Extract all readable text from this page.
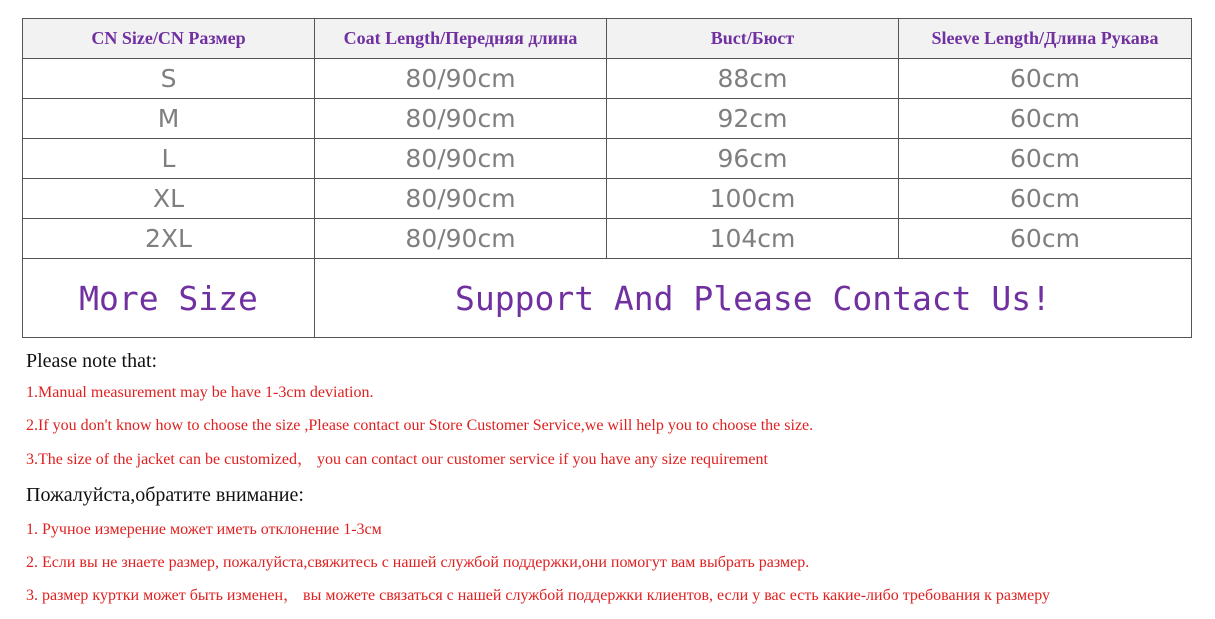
CN Size/CN Размер	Coat Length/Передняя длина	Buct/Бюст	Sleeve Length/Длина Рукава
S	80/90cm	88cm	60cm
M	80/90cm	92cm	60cm
L	80/90cm	96cm	60cm
XL	80/90cm	100cm	60cm
2XL	80/90cm	104cm	60cm
More Size	Support And Please Contact Us!		
Please note that:
1.Manual measurement may be have 1-3cm deviation.
2.If you don't know how to choose the size ,Please contact our Store Customer Service,we will help you to choose the size.
3.The size of the jacket can be customized， you can contact our customer service if you have any size requirement
Пожалуйста,обратите внимание:
1. Ручное измерение может иметь отклонение 1-3см
2. Если вы не знаете размер, пожалуйста,свяжитесь с нашей службой поддержки,они помогут вам выбрать размер.
3. размер куртки может быть изменен， вы можете связаться с нашей службой поддержки клиентов, если у вас есть какие-либо требования к размеру
